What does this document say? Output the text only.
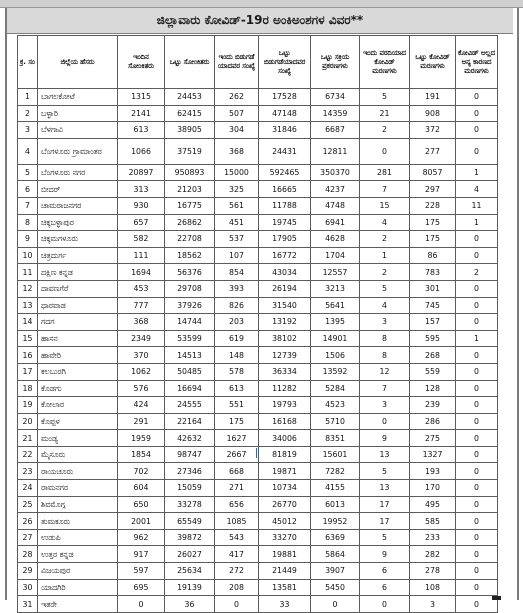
ಜಿಲ್ಲಾವಾರು ಕೋವಿಡ್-19ರ ಅಂಕಿಅಂಶಗಳ ವಿವರ**
ಕ್ರ. ಸಂ	ಜಿಲ್ಲೆಯ ಹೆಸರು	ಇಂದಿನ ಸೋಂಕಿತರು	ಒಟ್ಟು ಸೋಂಕಿತರು	ಇಂದು ಬಿಡುಗಡೆ ಯಾದವರ ಸಂಖ್ಯೆ	ಒಟ್ಟು ಬಿಡುಗಡೆಯಾದವರ ಸಂಖ್ಯೆ	ಒಟ್ಟು ಸಕ್ರಿಯ ಪ್ರಕರಣಗಳು	ಇಂದು ವರದಿಯಾದ ಕೋವಿಡ್ ಮರಣಗಳು	ಒಟ್ಟು ಕೋವಿಡ್ ಮರಣಗಳು	ಕೋವಿಡ್ ಅಲ್ಲದ ಅನ್ಯ ಕಾರಣದ ಮರಣಗಳು
1	ಬಾಗಲಕೋಟೆ	1315	24453	262	17528	6734	5	191	0
2	ಬಳ್ಳಾರಿ	2141	62415	507	47148	14359	21	908	0
3	ಬೆಳಗಾವಿ	613	38905	304	31846	6687	2	372	0
4	ಬೆಂಗಳೂರು ಗ್ರಾಮಾಂತರ	1066	37519	368	24431	12811	0	277	0
5	ಬೆಂಗಳೂರು ನಗರ	20897	950893	15000	592465	350370	281	8057	1
6	ಬೀದರ್	313	21203	325	16665	4237	7	297	4
7	ಚಾಮರಾಜನಗರ	930	16775	561	11788	4748	15	228	11
8	ಚಿಕ್ಕಬಳ್ಳಾಪುರ	657	26862	451	19745	6941	4	175	1
9	ಚಿಕ್ಕಮಗಳೂರು	582	22708	537	17905	4628	2	175	0
10	ಚಿತ್ರದುರ್ಗ	111	18562	107	16772	1704	1	86	0
11	ದಕ್ಷಿಣ ಕನ್ನಡ	1694	56376	854	43034	12557	2	783	2
12	ದಾವಣಗೆರೆ	453	29708	393	26194	3213	5	301	0
13	ಧಾರವಾಡ	777	37926	826	31540	5641	4	745	0
14	ಗದಗ	368	14744	203	13192	1395	3	157	0
15	ಹಾಸನ	2349	53599	619	38102	14901	8	595	1
16	ಹಾವೇರಿ	370	14513	148	12739	1506	8	268	0
17	ಕಲಬುರಗಿ	1062	50485	578	36334	13592	12	559	0
18	ಕೊಡಗು	576	16694	613	11282	5284	7	128	0
19	ಕೋಲಾರ	424	24555	551	19793	4523	3	239	0
20	ಕೊಪ್ಪಳ	291	22164	175	16168	5710	0	286	0
21	ಮಂಡ್ಯ	1959	42632	1627	34006	8351	9	275	0
22	ಮೈಸೂರು	1854	98747	2667	81819	15601	13	1327	0
23	ರಾಯಚೂರು	702	27346	668	19871	7282	5	193	0
24	ರಾಮನಗರ	604	15059	271	10734	4155	13	170	0
25	ಶಿವಮೊಗ್ಗ	650	33278	656	26770	6013	17	495	0
26	ತುಮಕೂರು	2001	65549	1085	45012	19952	17	585	0
27	ಉಡುಪಿ	962	39872	543	33270	6369	5	233	0
28	ಉತ್ತರ ಕನ್ನಡ	917	26027	417	19881	5864	9	282	0
29	ವಿಜಯಪುರ	597	25634	272	21449	3907	6	278	0
30	ಯಾದಗಿರಿ	695	19139	208	13581	5450	6	108	0
31	ಇತರೇ	0	36	0	33	0	0	3	0
